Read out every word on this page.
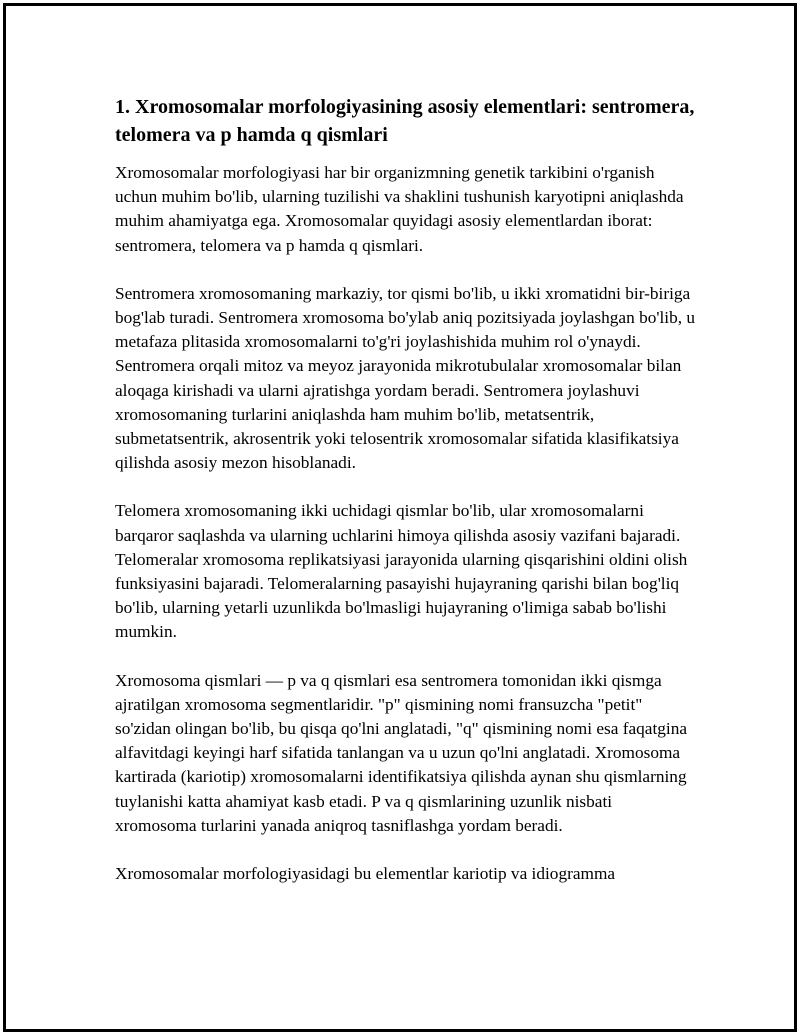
1. Xromosomalar morfologiyasining asosiy elementlari: sentromera, telomera va p hamda q qismlari

Xromosomalar morfologiyasi har bir organizmning genetik tarkibini o'rganish uchun muhim bo'lib, ularning tuzilishi va shaklini tushunish karyotipni aniqlashda muhim ahamiyatga ega. Xromosomalar quyidagi asosiy elementlardan iborat: sentromera, telomera va p hamda q qismlari.

Sentromera xromosomaning markaziy, tor qismi bo'lib, u ikki xromatidni bir-biriga bog'lab turadi. Sentromera xromosoma bo'ylab aniq pozitsiyada joylashgan bo'lib, u metafaza plitasida xromosomalarni to'g'ri joylashishida muhim rol o'ynaydi. Sentromera orqali mitoz va meyoz jarayonida mikrotubulalar xromosomalar bilan aloqaga kirishadi va ularni ajratishga yordam beradi. Sentromera joylashuvi xromosomaning turlarini aniqlashda ham muhim bo'lib, metatsentrik, submetatsentrik, akrosentrik yoki telosentrik xromosomalar sifatida klasifikatsiya qilishda asosiy mezon hisoblanadi.

Telomera xromosomaning ikki uchidagi qismlar bo'lib, ular xromosomalarni barqaror saqlashda va ularning uchlarini himoya qilishda asosiy vazifani bajaradi. Telomeralar xromosoma replikatsiyasi jarayonida ularning qisqarishini oldini olish funksiyasini bajaradi. Telomeralarning pasayishi hujayraning qarishi bilan bog'liq bo'lib, ularning yetarli uzunlikda bo'lmasligi hujayraning o'limiga sabab bo'lishi mumkin.

Xromosoma qismlari — p va q qismlari esa sentromera tomonidan ikki qismga ajratilgan xromosoma segmentlaridir. "p" qismining nomi fransuzcha "petit" so'zidan olingan bo'lib, bu qisqa qo'lni anglatadi, "q" qismining nomi esa faqatgina alfavitdagi keyingi harf sifatida tanlangan va u uzun qo'lni anglatadi. Xromosoma kartirada (kariotip) xromosomalarni identifikatsiya qilishda aynan shu qismlarning tuylanishi katta ahamiyat kasb etadi. P va q qismlarining uzunlik nisbati xromosoma turlarini yanada aniqroq tasniflashga yordam beradi.

Xromosomalar morfologiyasidagi bu elementlar kariotip va idiogramma
